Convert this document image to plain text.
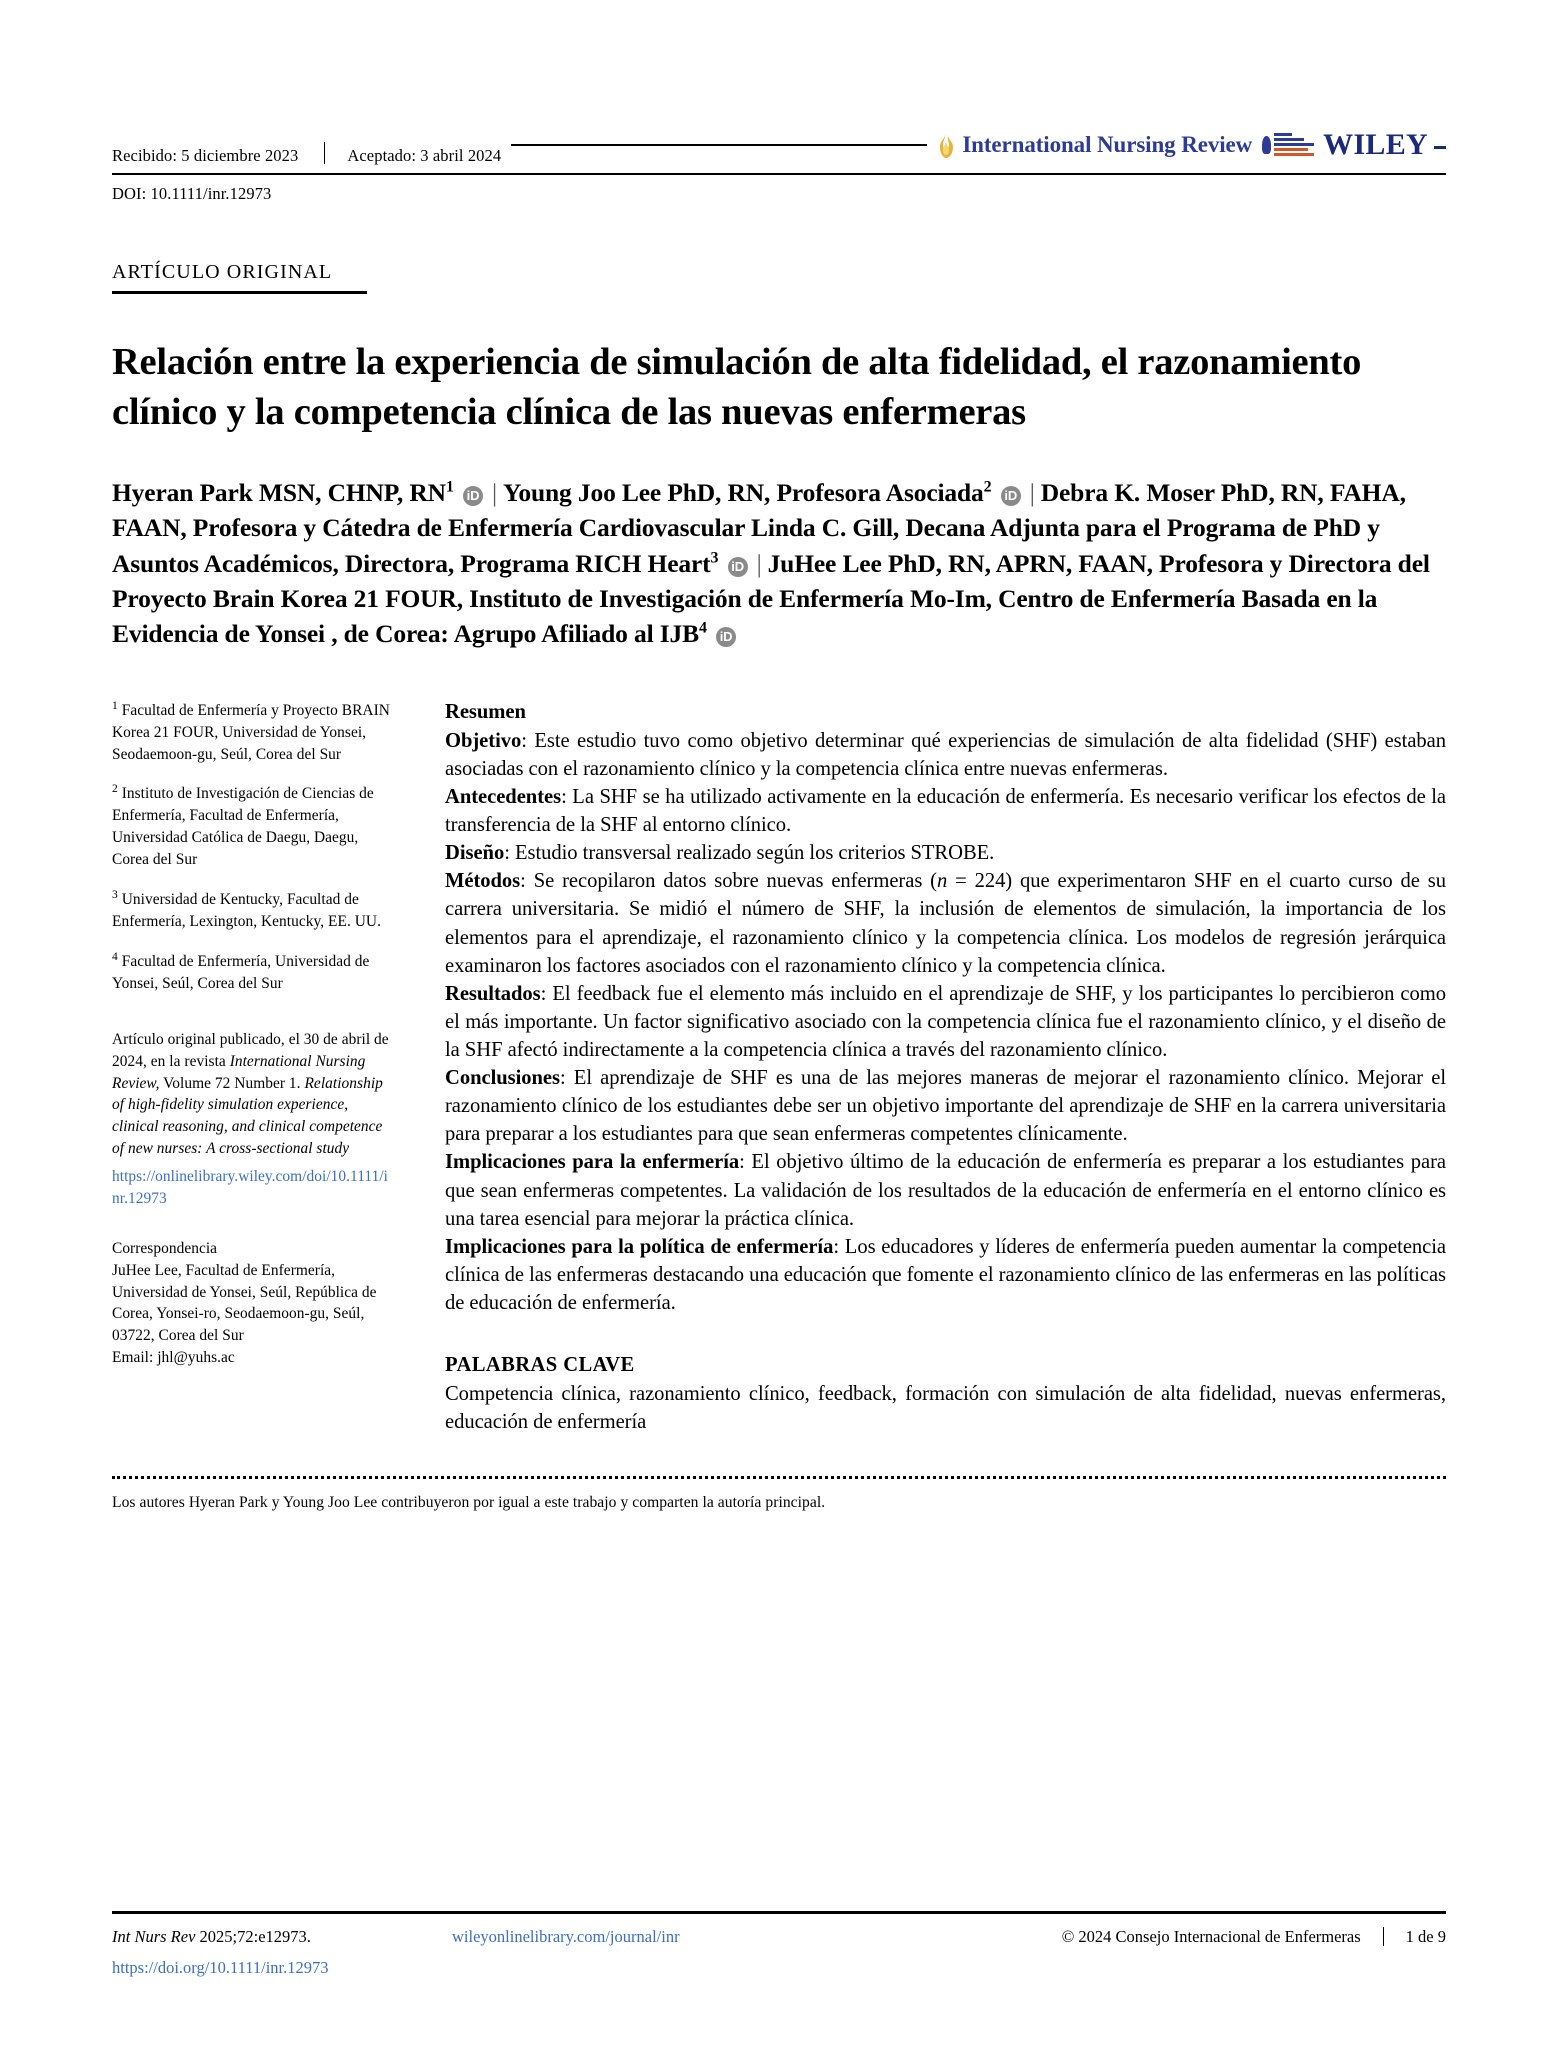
Recibido: 5 diciembre 2023	Aceptado: 3 abril 2024	International Nursing Review WILEY
DOI: 10.1111/inr.12973
ARTÍCULO ORIGINAL
Relación entre la experiencia de simulación de alta fidelidad, el razonamiento clínico y la competencia clínica de las nuevas enfermeras
Hyeran Park MSN, CHNP, $RN^1$ iD | Young Joo Lee PhD, RN, Profesora Asociada$^2$ iD | Debra K. Moser PhD, RN, FAHA, FAAN, Profesora y Cátedra de Enfermería Cardiovascular Linda C. Gill, Decana Adjunta para el Programa de PhD y Asuntos Académicos, Directora, Programa RICH Heart$^3$ iD | JuHee Lee PhD, RN, APRN, FAAN, Profesora y Directora del Proyecto Brain Korea 21 FOUR, Instituto de Investigación de Enfermería Mo-Im, Centro de Enfermería Basada en la Evidencia de Yonsei , de Corea: Agrupo Afiliado al IJB$^4$ iD
$^1$ Facultad de Enfermería y Proyecto BRAIN Korea 21 FOUR, Universidad de Yonsei, Seodaemoon-gu, Seúl, Corea del Sur
$^2$ Instituto de Investigación de Ciencias de Enfermería, Facultad de Enfermería, Universidad Católica de Daegu, Daegu, Corea del Sur
$^3$ Universidad de Kentucky, Facultad de Enfermería, Lexington, Kentucky, EE. UU.
$^4$ Facultad de Enfermería, Universidad de Yonsei, Seúl, Corea del Sur
Artículo original publicado, el 30 de abril de 2024, en la revista International Nursing Review, Volume 72 Number 1. Relationship of high-fidelity simulation experience, clinical reasoning, and clinical competence of new nurses: A cross-sectional study
https://onlinelibrary.wiley.com/doi/10.1111/inr.12973
Correspondencia
JuHee Lee, Facultad de Enfermería, Universidad de Yonsei, Seúl, República de Corea, Yonsei-ro, Seodaemoon-gu, Seúl, 03722, Corea del Sur
Email: jhl@yuhs.ac
Resumen

Objetivo: Este estudio tuvo como objetivo determinar qué experiencias de simulación de alta fidelidad (SHF) estaban asociadas con el razonamiento clínico y la competencia clínica entre nuevas enfermeras.

Antecedentes: La SHF se ha utilizado activamente en la educación de enfermería. Es necesario verificar los efectos de la transferencia de la SHF al entorno clínico.

Diseño: Estudio transversal realizado según los criterios STROBE.

Métodos: Se recopilaron datos sobre nuevas enfermeras (n = 224) que experimentaron SHF en el cuarto curso de su carrera universitaria. Se midió el número de SHF, la inclusión de elementos de simulación, la importancia de los elementos para el aprendizaje, el razonamiento clínico y la competencia clínica. Los modelos de regresión jerárquica examinaron los factores asociados con el razonamiento clínico y la competencia clínica.

Resultados: El feedback fue el elemento más incluido en el aprendizaje de SHF, y los participantes lo percibieron como el más importante. Un factor significativo asociado con la competencia clínica fue el razonamiento clínico, y el diseño de la SHF afectó indirectamente a la competencia clínica a través del razonamiento clínico.

Conclusiones: El aprendizaje de SHF es una de las mejores maneras de mejorar el razonamiento clínico. Mejorar el razonamiento clínico de los estudiantes debe ser un objetivo importante del aprendizaje de SHF en la carrera universitaria para preparar a los estudiantes para que sean enfermeras competentes clínicamente.

Implicaciones para la enfermería: El objetivo último de la educación de enfermería es preparar a los estudiantes para que sean enfermeras competentes. La validación de los resultados de la educación de enfermería en el entorno clínico es una tarea esencial para mejorar la práctica clínica.

Implicaciones para la política de enfermería: Los educadores y líderes de enfermería pueden aumentar la competencia clínica de las enfermeras destacando una educación que fomente el razonamiento clínico de las enfermeras en las políticas de educación de enfermería.

PALABRAS CLAVE
Competencia clínica, razonamiento clínico, feedback, formación con simulación de alta fidelidad, nuevas enfermeras, educación de enfermería
Los autores Hyeran Park y Young Joo Lee contribuyeron por igual a este trabajo y comparten la autoría principal.
Int Nurs Rev 2025;72:e12973.	wileyonlinelibrary.com/journal/inr	© 2024 Consejo Internacional de Enfermeras	1 de 9
https://doi.org/10.1111/inr.12973
